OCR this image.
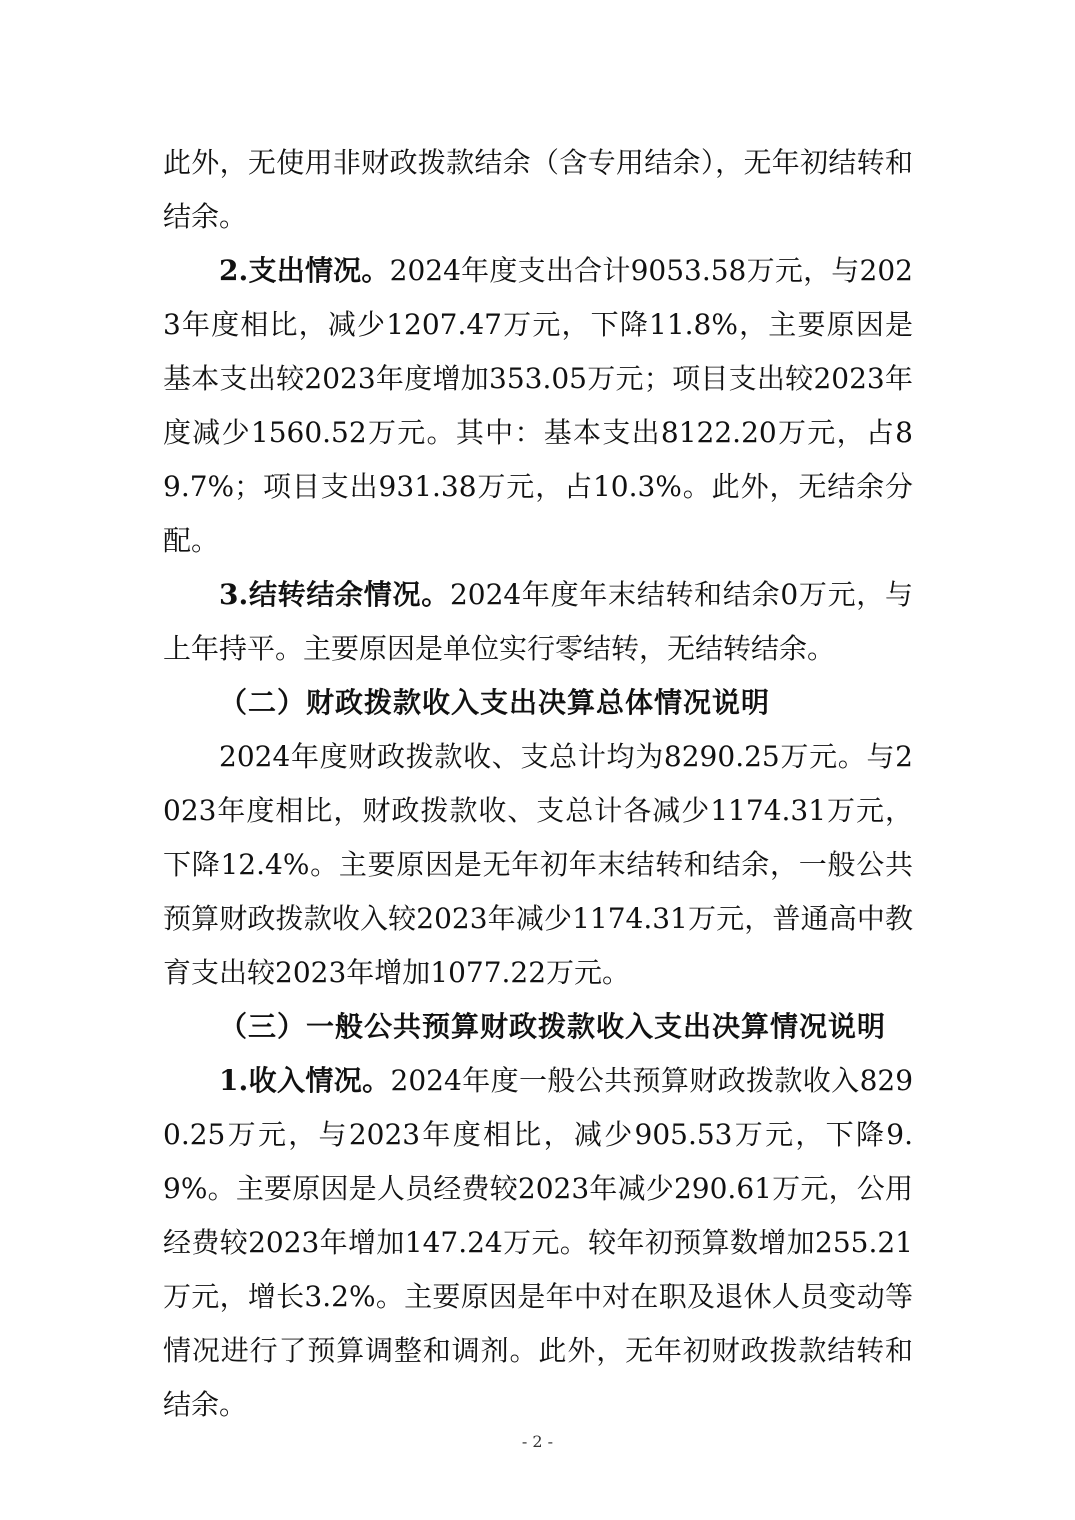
此外，无使用非财政拨款结余（含专用结余），无年初结转和结余。

2.支出情况。2024年度支出合计9053.58万元，与2023年度相比，减少1207.47万元，下降11.8%，主要原因是基本支出较2023年度增加353.05万元；项目支出较2023年度减少1560.52万元。其中：基本支出8122.20万元，占89.7%；项目支出931.38万元，占10.3%。此外，无结余分配。

3.结转结余情况。2024年度年末结转和结余0万元，与上年持平。主要原因是单位实行零结转，无结转结余。

（二）财政拨款收入支出决算总体情况说明

2024年度财政拨款收、支总计均为8290.25万元。与2023年度相比，财政拨款收、支总计各减少1174.31万元，下降12.4%。主要原因是无年初年末结转和结余，一般公共预算财政拨款收入较2023年减少1174.31万元，普通高中教育支出较2023年增加1077.22万元。

（三）一般公共预算财政拨款收入支出决算情况说明

1.收入情况。2024年度一般公共预算财政拨款收入8290.25万元，与2023年度相比，减少905.53万元，下降9.9%。主要原因是人员经费较2023年减少290.61万元，公用经费较2023年增加147.24万元。较年初预算数增加255.21万元，增长3.2%。主要原因是年中对在职及退休人员变动等情况进行了预算调整和调剂。此外，无年初财政拨款结转和结余。

- 2 -
